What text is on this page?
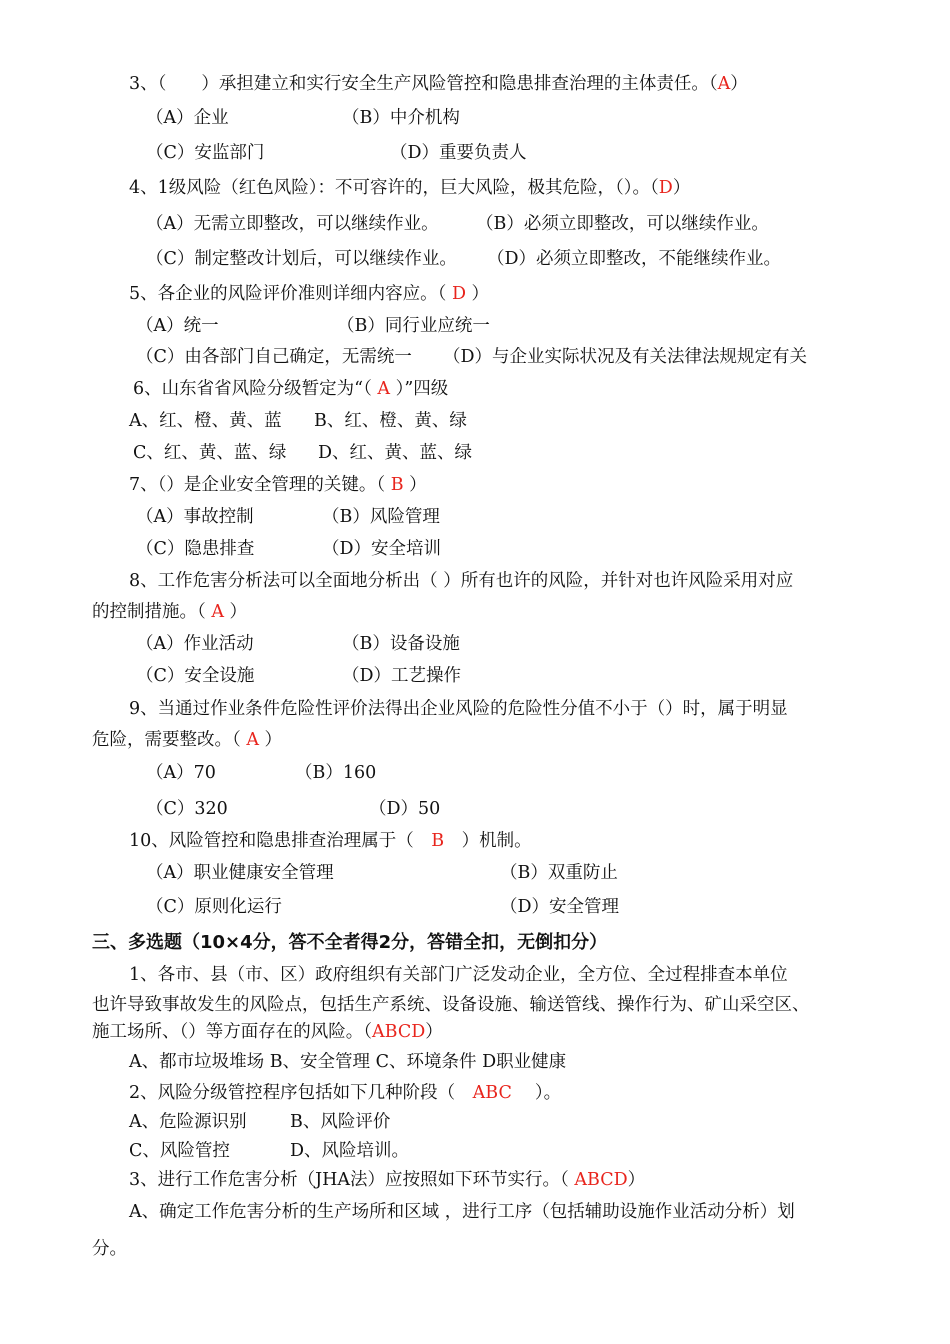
3、（　　）承担建立和实行安全生产风险管控和隐患排查治理的主体责任。（A）
（A）企业	（B）中介机构
（C）安监部门	（D）重要负责人
4、1级风险（红色风险）：不可容许的，巨大风险，极其危险，（）。（D）
（A）无需立即整改，可以继续作业。 （B）必须立即整改，可以继续作业。
（C）制定整改计划后，可以继续作业。 （D）必须立即整改，不能继续作业。
5、各企业的风险评价准则详细内容应。（ D ）
（A）统一	（B）同行业应统一
（C）由各部门自己确定，无需统一 （D）与企业实际状况及有关法律法规规定有关
6、山东省省风险分级暂定为“（ A ）”四级
A、红、橙、黄、蓝 B、红、橙、黄、绿
C、红、黄、蓝、绿 D、红、黄、蓝、绿
7、（）是企业安全管理的关键。（ B ）
（A）事故控制	（B）风险管理
（C）隐患排查	（D）安全培训
8、工作危害分析法可以全面地分析出（ ）所有也许的风险，并针对也许风险采用对应
的控制措施。（ A ）
（A）作业活动	（B）设备设施
（C）安全设施	（D）工艺操作
9、当通过作业条件危险性评价法得出企业风险的危险性分值不小于（）时，属于明显
危险，需要整改。（ A ）
（A）70	（B）160
（C）320	（D）50
10、风险管控和隐患排查治理属于（　B　）机制。
（A）职业健康安全管理	（B）双重防止
（C）原则化运行	（D）安全管理
三、多选题（10×4分，答不全者得2分，答错全扣，无倒扣分）
1、各市、县（市、区）政府组织有关部门广泛发动企业，全方位、全过程排查本单位
也许导致事故发生的风险点，包括生产系统、设备设施、输送管线、操作行为、矿山采空区、
施工场所、（）等方面存在的风险。（ABCD）
A、都市垃圾堆场 B、安全管理 C、环境条件 D职业健康
2、风险分级管控程序包括如下几种阶段（　ABC　 ）。
A、危险源识别 B、风险评价
C、风险管控	D、风险培训。
3、进行工作危害分析（JHA法）应按照如下环节实行。（ ABCD）
A、确定工作危害分析的生产场所和区域 ，进行工序（包括辅助设施作业活动分析）划
分。
